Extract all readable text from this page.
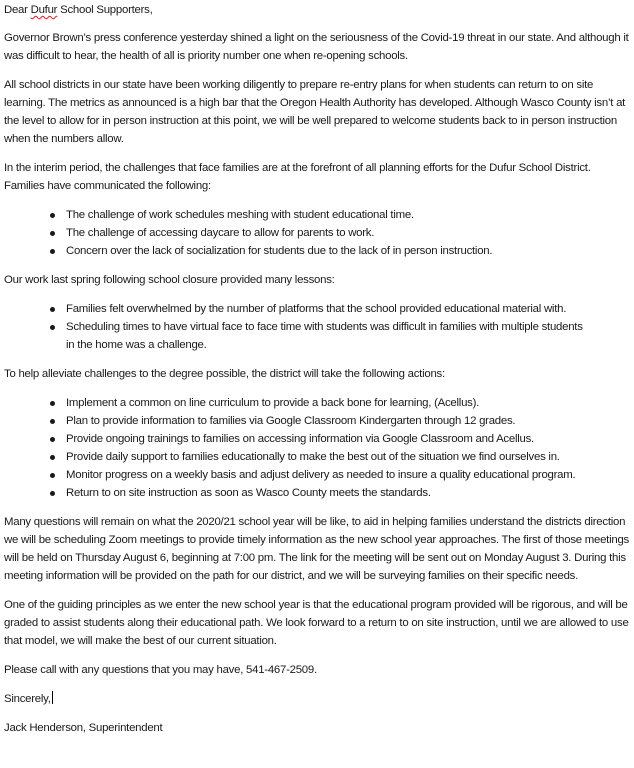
Dear Dufur School Supporters,

Governor Brown’s press conference yesterday shined a light on the seriousness of the Covid-19 threat in our state. And although it was difficult to hear, the health of all is priority number one when re-opening schools.

All school districts in our state have been working diligently to prepare re-entry plans for when students can return to on site learning. The metrics as announced is a high bar that the Oregon Health Authority has developed. Although Wasco County isn’t at the level to allow for in person instruction at this point, we will be well prepared to welcome students back to in person instruction when the numbers allow.

In the interim period, the challenges that face families are at the forefront of all planning efforts for the Dufur School District. Families have communicated the following:

The challenge of work schedules meshing with student educational time.
The challenge of accessing daycare to allow for parents to work.
Concern over the lack of socialization for students due to the lack of in person instruction.

Our work last spring following school closure provided many lessons:

Families felt overwhelmed by the number of platforms that the school provided educational material with.
Scheduling times to have virtual face to face time with students was difficult in families with multiple students in the home was a challenge.

To help alleviate challenges to the degree possible, the district will take the following actions:

Implement a common on line curriculum to provide a back bone for learning, (Acellus).
Plan to provide information to families via Google Classroom Kindergarten through 12 grades.
Provide ongoing trainings to families on accessing information via Google Classroom and Acellus.
Provide daily support to families educationally to make the best out of the situation we find ourselves in.
Monitor progress on a weekly basis and adjust delivery as needed to insure a quality educational program.
Return to on site instruction as soon as Wasco County meets the standards.

Many questions will remain on what the 2020/21 school year will be like, to aid in helping families understand the districts direction we will be scheduling Zoom meetings to provide timely information as the new school year approaches. The first of those meetings will be held on Thursday August 6, beginning at 7:00 pm. The link for the meeting will be sent out on Monday August 3. During this meeting information will be provided on the path for our district, and we will be surveying families on their specific needs.

One of the guiding principles as we enter the new school year is that the educational program provided will be rigorous, and will be graded to assist students along their educational path. We look forward to a return to on site instruction, until we are allowed to use that model, we will make the best of our current situation.

Please call with any questions that you may have, 541-467-2509.

Sincerely,

Jack Henderson, Superintendent
